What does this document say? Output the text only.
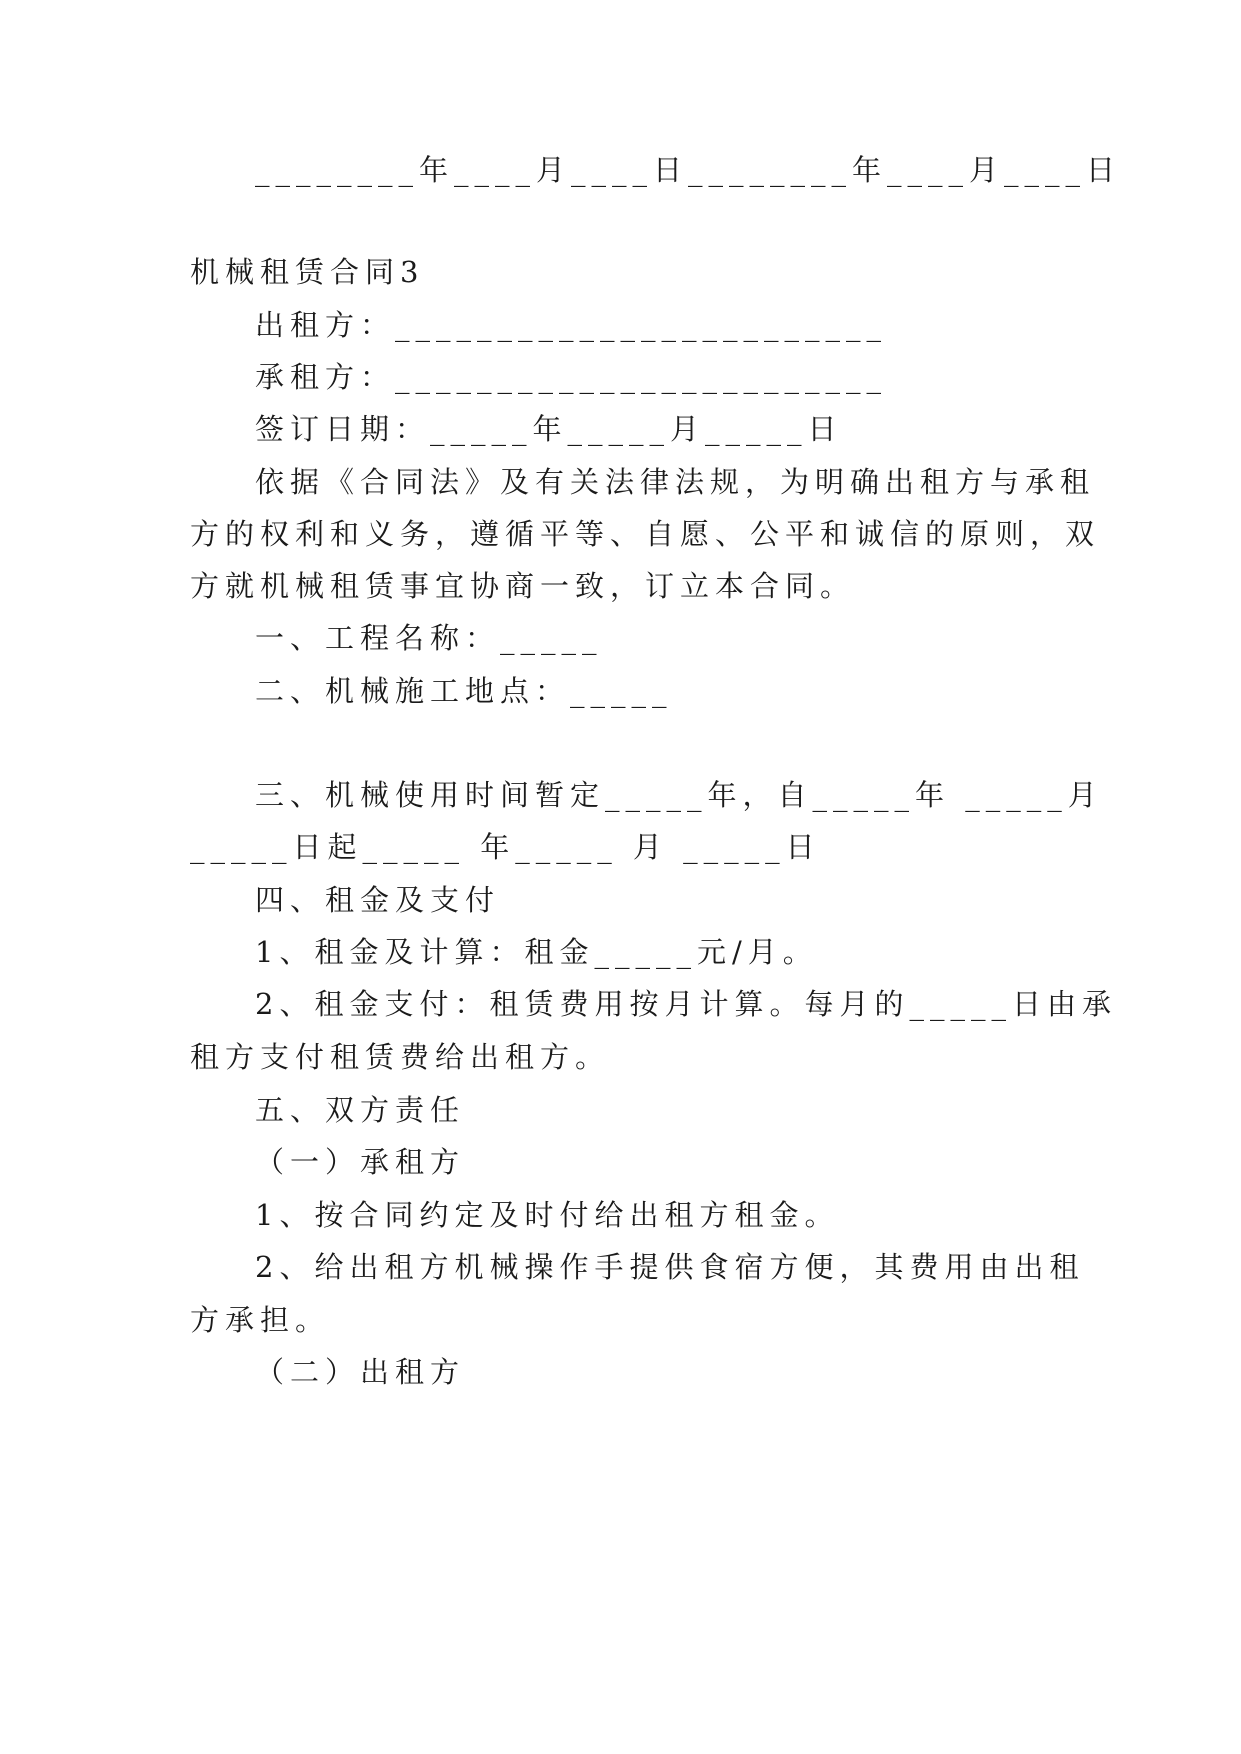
________年____月____日________年____月____日
机械租赁合同3
出租方：________________________
承租方：________________________
签订日期：_____年_____月_____日
依据《合同法》及有关法律法规，为明确出租方与承租
方的权利和义务，遵循平等、自愿、公平和诚信的原则，双
方就机械租赁事宜协商一致，订立本合同。
一、工程名称：_____
二、机械施工地点：_____
三、机械使用时间暂定_____年，自_____年 _____月
_____日起_____ 年_____ 月 _____日
四、租金及支付
1、租金及计算：租金_____元/月。
2、租金支付：租赁费用按月计算。每月的_____日由承
租方支付租赁费给出租方。
五、双方责任
（一）承租方
1、按合同约定及时付给出租方租金。
2、给出租方机械操作手提供食宿方便，其费用由出租
方承担。
（二）出租方
